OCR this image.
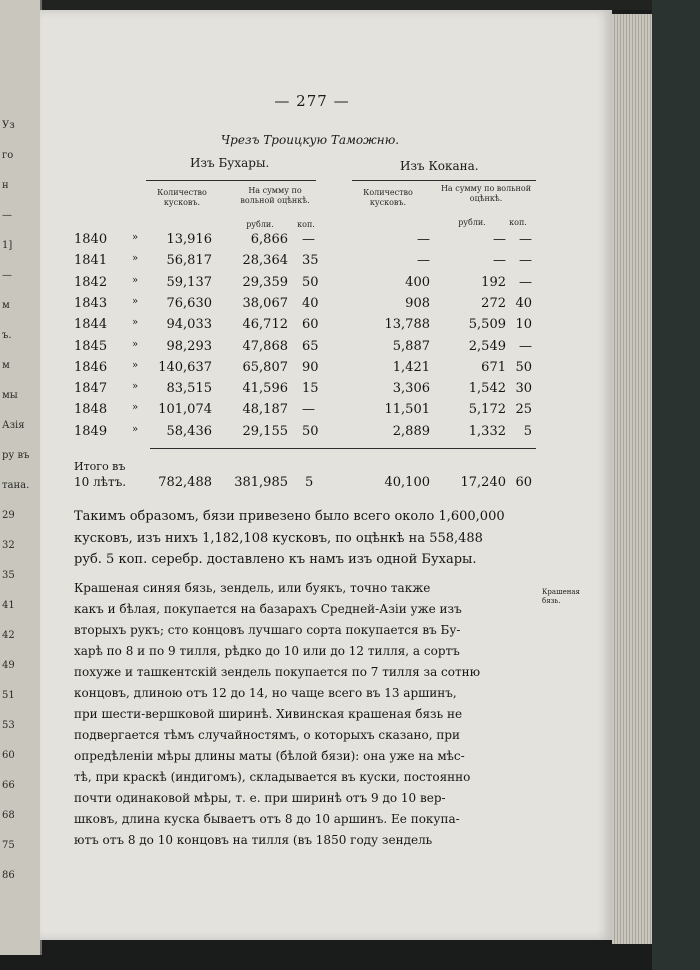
Уз
го
н
—
1]
—
м
ъ.
м
мы
Азія
ру въ
тана.
29
32
35
41
42
49
51
53
60
66
68
75
86
— 277 —
Чрезъ Троицкую Таможню.
Изъ Бухары.	Изъ Кокана.
Количество кусковъ.
На сумму по вольной оцѣнкѣ.
рубли.	коп.
Количество кусковъ.
На сумму по вольной оцѣнкѣ.
рубли.	коп.
1840	»	13,916	6,866 —	—	—	—
1841	»	56,817	28,364 35	—	—	—
1842	»	59,137	29,359 50	400	192	—
1843	»	76,630	38,067 40	908	272 40
1844	»	94,033	46,712 60	13,788	5,509 10
1845	»	98,293	47,868 65	5,887	2,549	—
1846	»	140,637	65,807 90	1,421	671 50
1847	»	83,515	41,596 15	3,306	1,542 30
1848	»	101,074	48,187 —	11,501	5,172 25
1849	»	58,436	29,155 50	2,889	1,332	5
Итого въ
10 лѣтъ.	782,488	381,985 5	40,100	17,240 60
Такимъ образомъ, бязи привезено было всего около 1,600,000
кусковъ, изъ нихъ 1,182,108 кусковъ, по оцѣнкѣ на 558,488
руб. 5 коп. серебр. доставлено къ намъ изъ одной Бухары.
Крашеная бязь.
Крашеная синяя бязь, зендель, или буякъ, точно также
какъ и бѣлая, покупается на базарахъ Средней-Азіи уже изъ
вторыхъ рукъ; сто концовъ лучшаго сорта покупается въ Бу-
харѣ по 8 и по 9 тилля, рѣдко до 10 или до 12 тилля, а сортъ
похуже и ташкентскій зендель покупается по 7 тилля за сотню
концовъ, длиною отъ 12 до 14, но чаще всего въ 13 аршинъ,
при шести-вершковой ширинѣ. Хивинская крашеная бязь не
подвергается тѣмъ случайностямъ, о которыхъ сказано, при
опредѣленіи мѣры длины маты (бѣлой бязи): она уже на мѣс-
тѣ, при краскѣ (индигомъ), складывается въ куски, постоянно
почти одинаковой мѣры, т. е. при ширинѣ отъ 9 до 10 вер-
шковъ, длина куска бываетъ отъ 8 до 10 аршинъ. Ее покупа-
ютъ отъ 8 до 10 концовъ на тилля (въ 1850 году зендель
